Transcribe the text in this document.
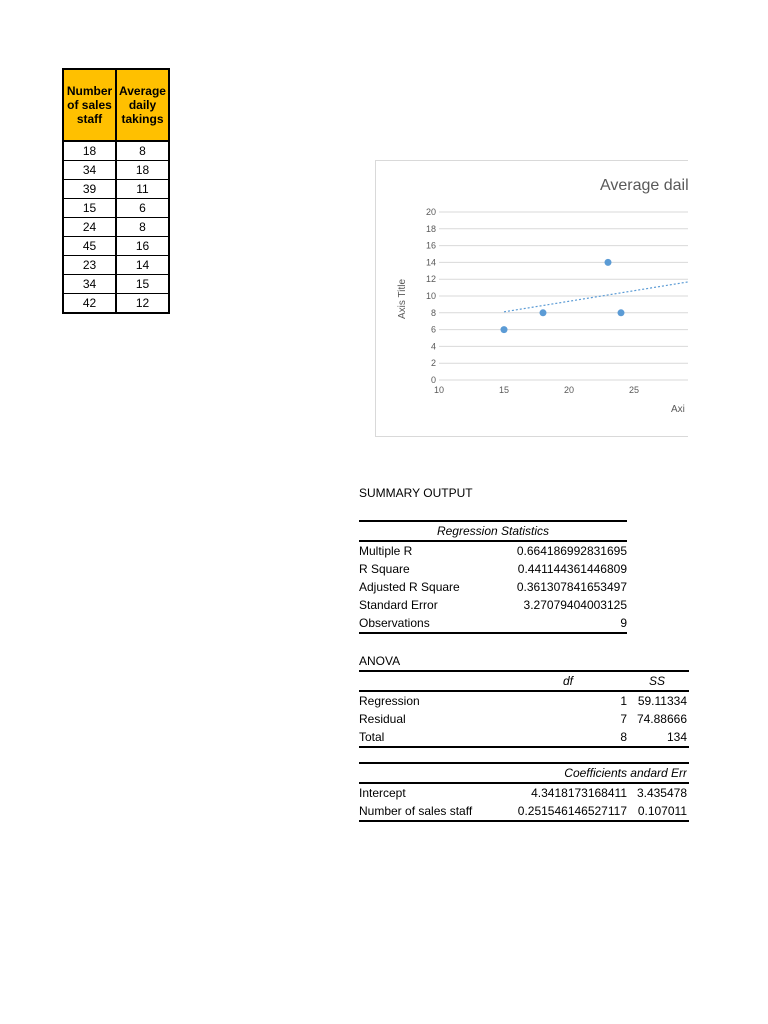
Number
of sales
staff	Average
daily
takings
18	8
34	18
39	11
15	6
24	8
45	16
23	14
34	15
42	12
Average dail
0
2
4
6
8
10
12
14
16
18
20
10	15	20	25
Axis Title
Axi
SUMMARY OUTPUT
Regression Statistics	
Multiple R	0.664186992831695
R Square	0.441144361446809
Adjusted R Square	0.361307841653497
Standard Error	3.27079404003125
Observations	9
ANOVA
	df	SS	
Regression	1	59.11334	
Residual	7	74.88666	
Total	8	134	
	Coefficients	andard Err	
Intercept	4.3418173168411	3.435478	
Number of sales staff	0.251546146527117	0.107011	
